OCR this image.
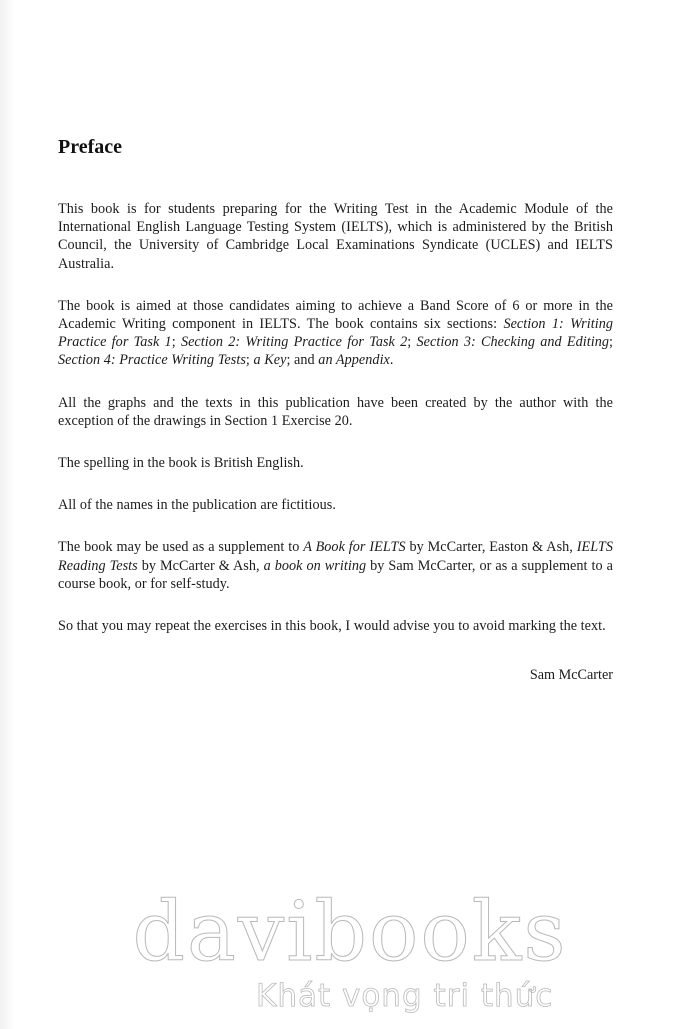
Preface

This book is for students preparing for the Writing Test in the Academic Module of the International English Language Testing System (IELTS), which is administered by the British Council, the University of Cambridge Local Examinations Syndicate (UCLES) and IELTS Australia.

The book is aimed at those candidates aiming to achieve a Band Score of 6 or more in the Academic Writing component in IELTS. The book contains six sections: Section 1: Writing Practice for Task 1; Section 2: Writing Practice for Task 2; Section 3: Checking and Editing; Section 4: Practice Writing Tests; a Key; and an Appendix.

All the graphs and the texts in this publication have been created by the author with the exception of the drawings in Section 1 Exercise 20.

The spelling in the book is British English.

All of the names in the publication are fictitious.

The book may be used as a supplement to A Book for IELTS by McCarter, Easton & Ash, IELTS Reading Tests by McCarter & Ash, a book on writing by Sam McCarter, or as a supplement to a course book, or for self-study.

So that you may repeat the exercises in this book, I would advise you to avoid marking the text.

Sam McCarter
davibooks
Khát vọng tri thức
